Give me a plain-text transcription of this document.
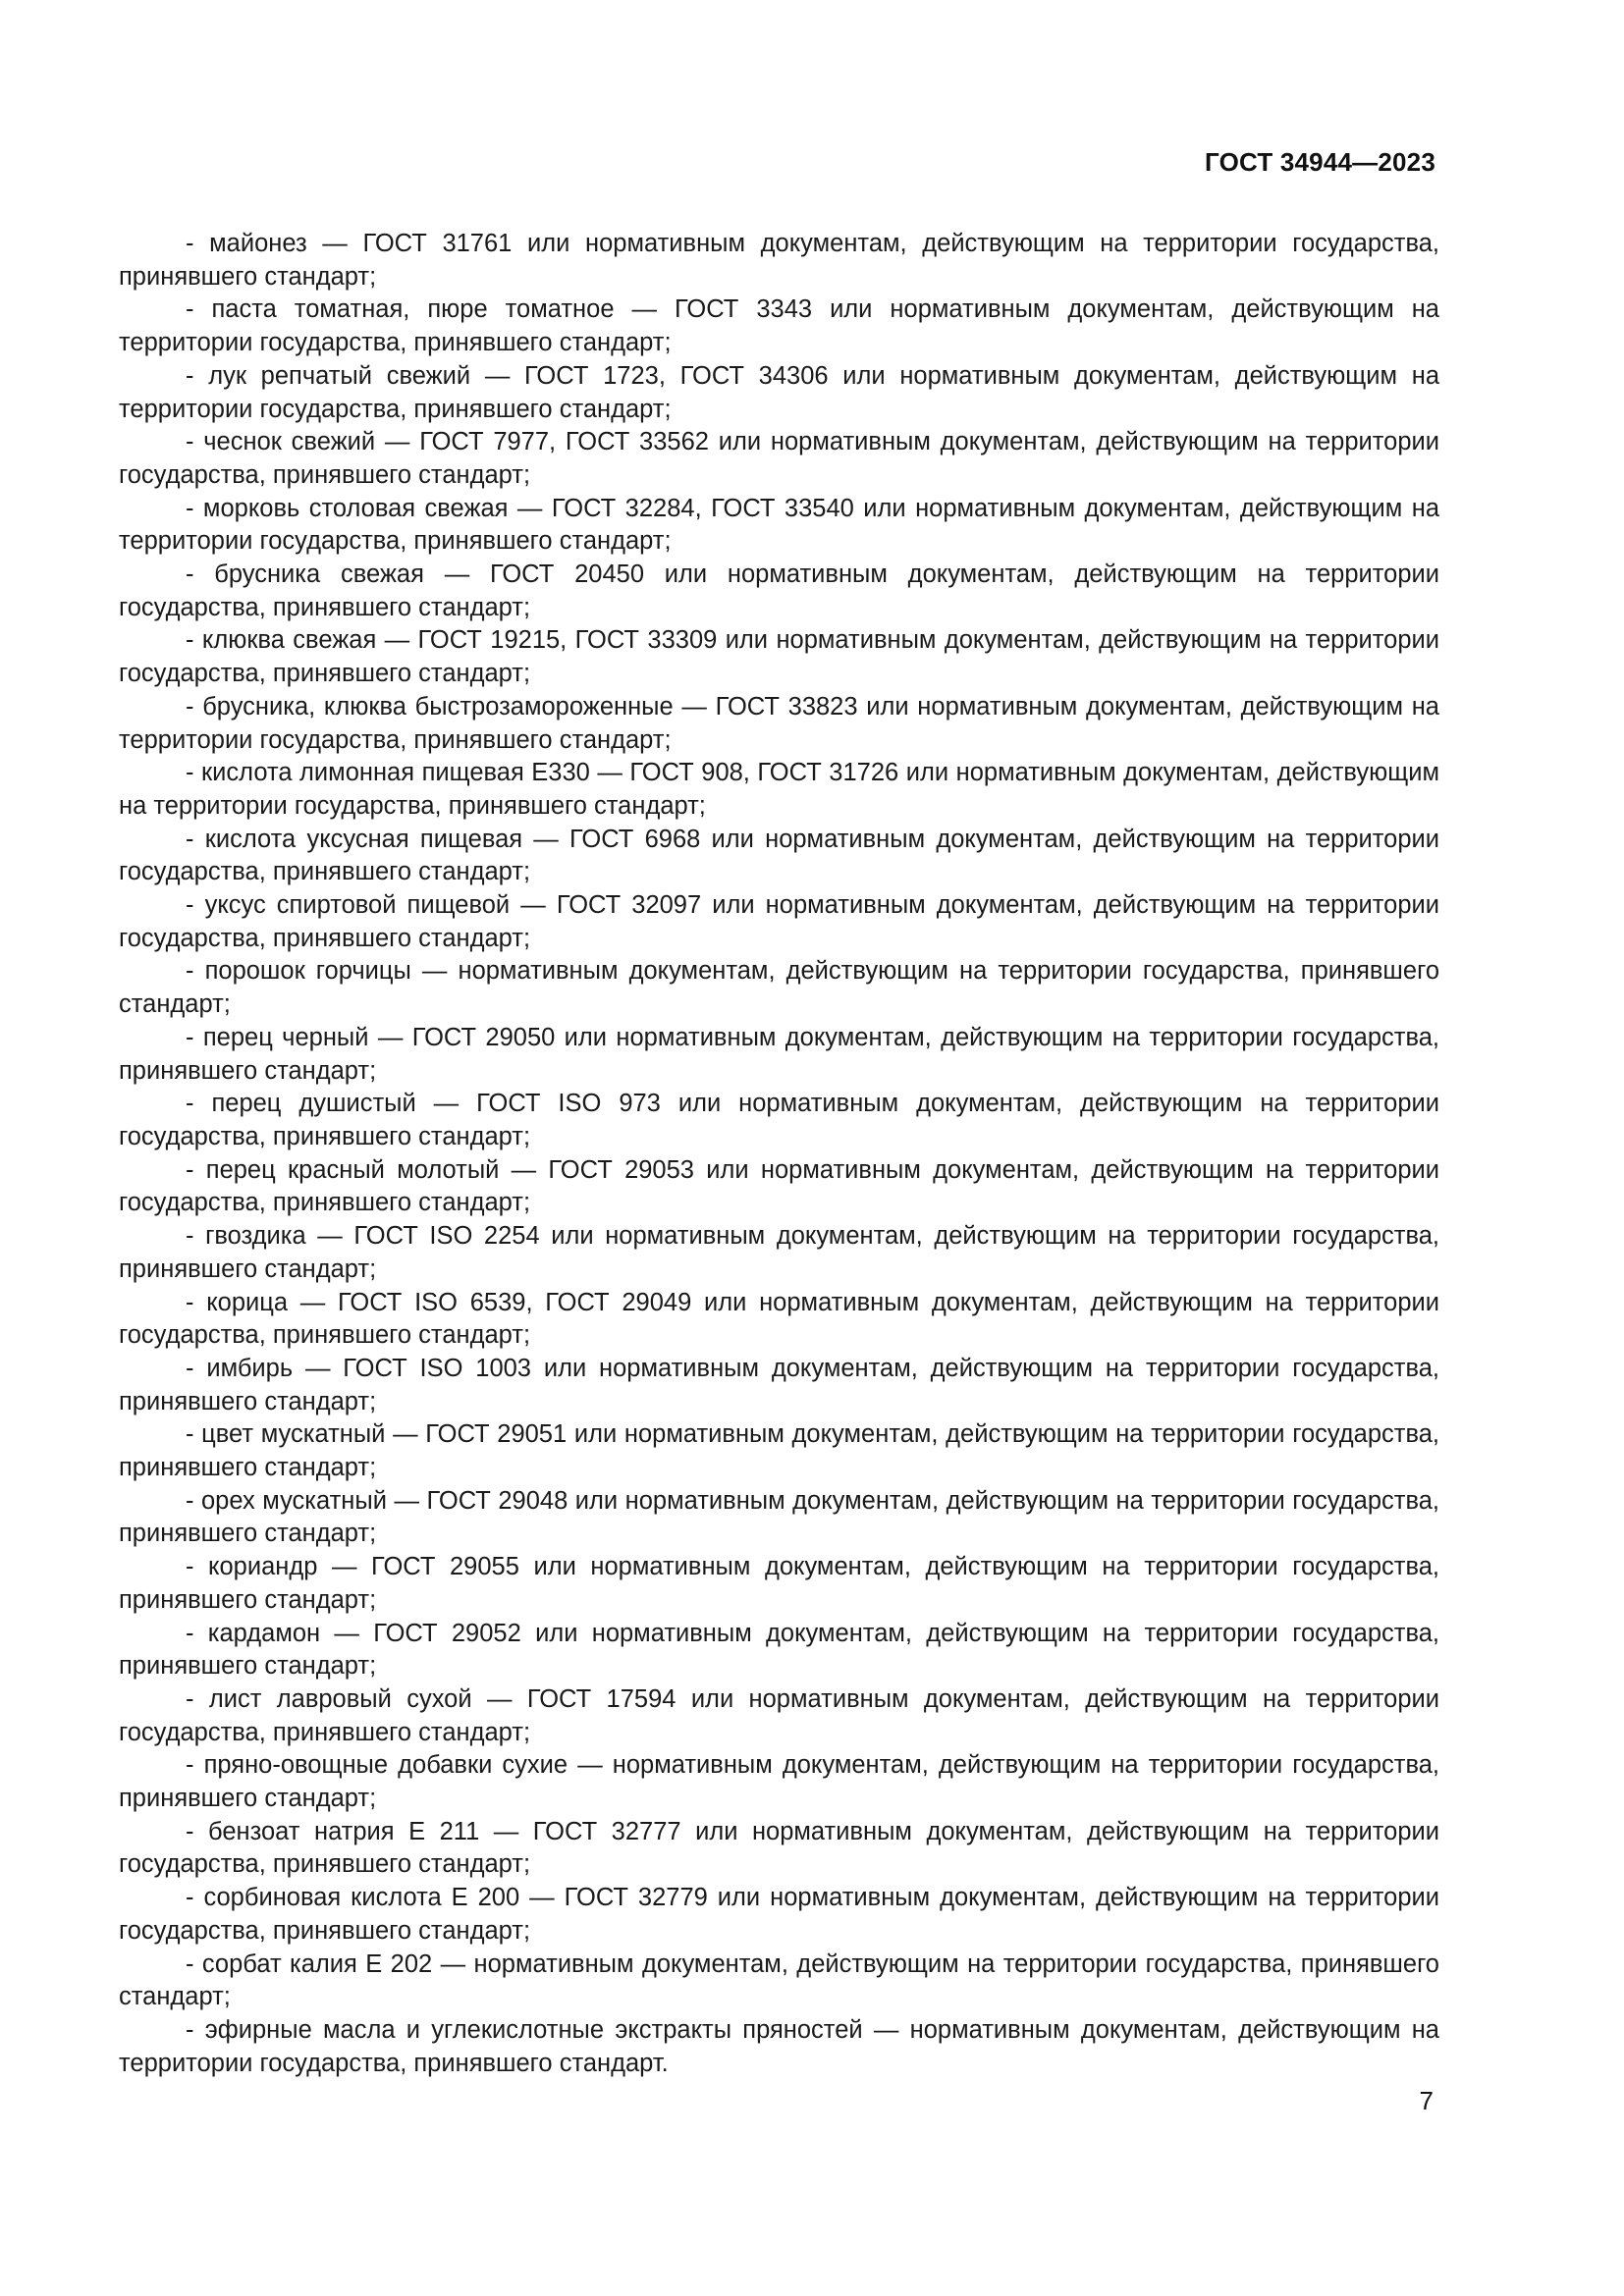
ГОСТ 34944—2023

- майонез — ГОСТ 31761 или нормативным документам, действующим на территории государства, принявшего стандарт;

- паста томатная, пюре томатное — ГОСТ 3343 или нормативным документам, действующим на территории государства, принявшего стандарт;

- лук репчатый свежий — ГОСТ 1723, ГОСТ 34306 или нормативным документам, действующим на территории государства, принявшего стандарт;

- чеснок свежий — ГОСТ 7977, ГОСТ 33562 или нормативным документам, действующим на территории государства, принявшего стандарт;

- морковь столовая свежая — ГОСТ 32284, ГОСТ 33540 или нормативным документам, действующим на территории государства, принявшего стандарт;

- брусника свежая — ГОСТ 20450 или нормативным документам, действующим на территории государства, принявшего стандарт;

- клюква свежая — ГОСТ 19215, ГОСТ 33309 или нормативным документам, действующим на территории государства, принявшего стандарт;

- брусника, клюква быстрозамороженные — ГОСТ 33823 или нормативным документам, действующим на территории государства, принявшего стандарт;

- кислота лимонная пищевая Е330 — ГОСТ 908, ГОСТ 31726 или нормативным документам, действующим на территории государства, принявшего стандарт;

- кислота уксусная пищевая — ГОСТ 6968 или нормативным документам, действующим на территории государства, принявшего стандарт;

- уксус спиртовой пищевой — ГОСТ 32097 или нормативным документам, действующим на территории государства, принявшего стандарт;

- порошок горчицы — нормативным документам, действующим на территории государства, принявшего стандарт;

- перец черный — ГОСТ 29050 или нормативным документам, действующим на территории государства, принявшего стандарт;

- перец душистый — ГОСТ ISO 973 или нормативным документам, действующим на территории государства, принявшего стандарт;

- перец красный молотый — ГОСТ 29053 или нормативным документам, действующим на территории государства, принявшего стандарт;

- гвоздика — ГОСТ ISO 2254 или нормативным документам, действующим на территории государства, принявшего стандарт;

- корица — ГОСТ ISO 6539, ГОСТ 29049 или нормативным документам, действующим на территории государства, принявшего стандарт;

- имбирь — ГОСТ ISO 1003 или нормативным документам, действующим на территории государства, принявшего стандарт;

- цвет мускатный — ГОСТ 29051 или нормативным документам, действующим на территории государства, принявшего стандарт;

- орех мускатный — ГОСТ 29048 или нормативным документам, действующим на территории государства, принявшего стандарт;

- кориандр — ГОСТ 29055 или нормативным документам, действующим на территории государства, принявшего стандарт;

- кардамон — ГОСТ 29052 или нормативным документам, действующим на территории государства, принявшего стандарт;

- лист лавровый сухой — ГОСТ 17594 или нормативным документам, действующим на территории государства, принявшего стандарт;

- пряно-овощные добавки сухие — нормативным документам, действующим на территории государства, принявшего стандарт;

- бензоат натрия Е 211 — ГОСТ 32777 или нормативным документам, действующим на территории государства, принявшего стандарт;

- сорбиновая кислота Е 200 — ГОСТ 32779 или нормативным документам, действующим на территории государства, принявшего стандарт;

- сорбат калия Е 202 — нормативным документам, действующим на территории государства, принявшего стандарт;

- эфирные масла и углекислотные экстракты пряностей — нормативным документам, действующим на территории государства, принявшего стандарт.

7
